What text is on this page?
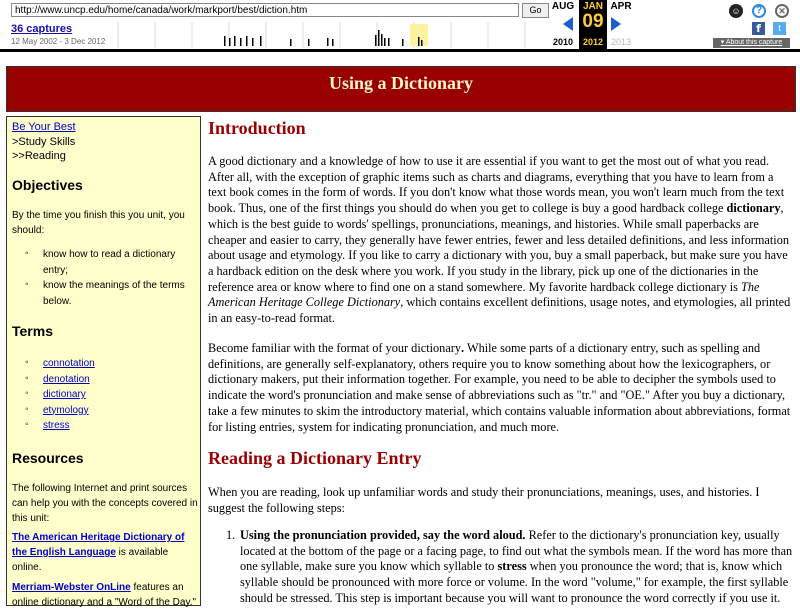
http://www.uncp.edu/home/canada/work/markport/best/diction.htm
Go
36 captures
12 May 2002 - 3 Dec 2012
AUG JAN APR
09
2010	2012 2013
☺	?	✕
f	t
▾ About this capture
Using a Dictionary
Be Your Best
>Study Skills
>>Reading
Objectives
By the time you finish this you unit, you should:
◦ know how to read a dictionary entry;
◦ know the meanings of the terms below.
Terms
◦ connotation
◦ denotation
◦ dictionary
◦ etymology
◦ stress
Resources
The following Internet and print sources can help you with the concepts covered in this unit:
The American Heritage Dictionary of the English Language is available online.
Merriam-Webster OnLine features an online dictionary and a "Word of the Day."
Introduction

A good dictionary and a knowledge of how to use it are essential if you want to get the most out of what you read. After all, with the exception of graphic items such as charts and diagrams, everything that you have to learn from a text book comes in the form of words. If you don't know what those words mean, you won't learn much from the text book. Thus, one of the first things you should do when you get to college is buy a good hardback college dictionary, which is the best guide to words' spellings, pronunciations, meanings, and histories. While small paperbacks are cheaper and easier to carry, they generally have fewer entries, fewer and less detailed definitions, and less information about usage and etymology. If you like to carry a dictionary with you, buy a small paperback, but make sure you have a hardback edition on the desk where you work. If you study in the library, pick up one of the dictionaries in the reference area or know where to find one on a stand somewhere. My favorite hardback college dictionary is The American Heritage College Dictionary, which contains excellent definitions, usage notes, and etymologies, all printed in an easy-to-read format.

Become familiar with the format of your dictionary. While some parts of a dictionary entry, such as spelling and definitions, are generally self-explanatory, others require you to know something about how the lexicographers, or dictionary makers, put their information together. For example, you need to be able to decipher the symbols used to indicate the word's pronunciation and make sense of abbreviations such as "tr." and "OE." After you buy a dictionary, take a few minutes to skim the introductory material, which contains valuable information about abbreviations, format for listing entries, system for indicating pronunciation, and much more.

Reading a Dictionary Entry

When you are reading, look up unfamiliar words and study their pronunciations, meanings, uses, and histories. I suggest the following steps:

1. Using the pronunciation provided, say the word aloud. Refer to the dictionary's pronunciation key, usually located at the bottom of the page or a facing page, to find out what the symbols mean. If the word has more than one syllable, make sure you know which syllable to stress when you pronounce the word; that is, know which syllable should be pronounced with more force or volume. In the word "volume," for example, the first syllable should be stressed. This step is important because you will want to pronounce the word correctly if you use it.
